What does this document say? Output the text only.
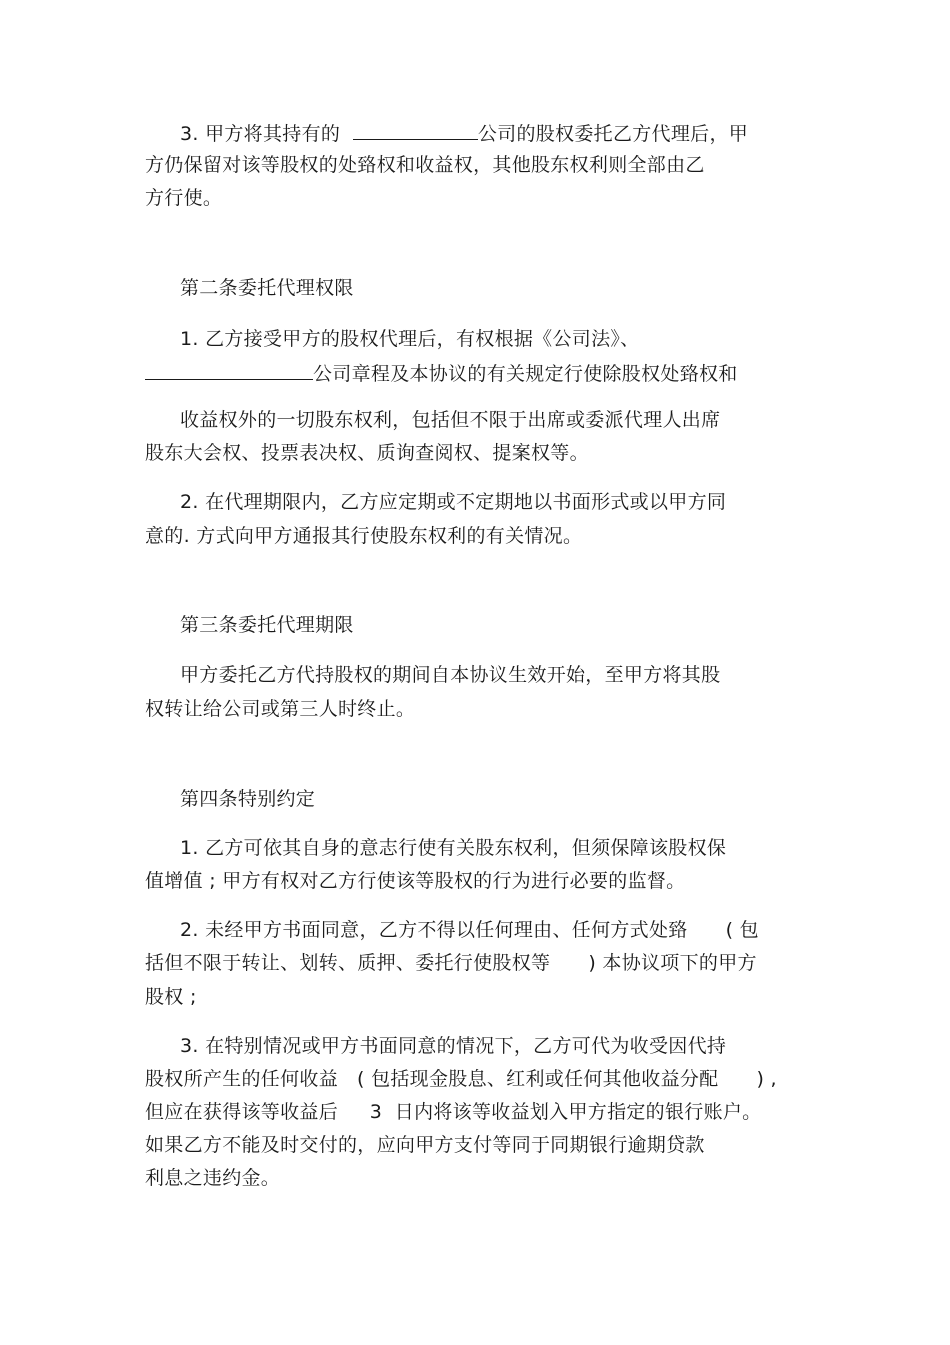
3. 甲方将其持有的	公司的股权委托乙方代理后，甲
方仍保留对该等股权的处臵权和收益权，其他股东权利则全部由乙
方行使。
第二条委托代理权限
1. 乙方接受甲方的股权代理后，有权根据《公司法》、
公司章程及本协议的有关规定行使除股权处臵权和
收益权外的一切股东权利，包括但不限于出席或委派代理人出席
股东大会权、投票表决权、质询查阅权、提案权等。
2. 在代理期限内，乙方应定期或不定期地以书面形式或以甲方同
意的. 方式向甲方通报其行使股东权利的有关情况。
第三条委托代理期限
甲方委托乙方代持股权的期间自本协议生效开始，至甲方将其股
权转让给公司或第三人时终止。
第四条特别约定
1. 乙方可依其自身的意志行使有关股东权利，但须保障该股权保
值增值 ; 甲方有权对乙方行使该等股权的行为进行必要的监督。
2. 未经甲方书面同意，乙方不得以任何理由、任何方式处臵      ( 包
括但不限于转让、划转、质押、委托行使股权等      ) 本协议项下的甲方
股权 ;
3. 在特别情况或甲方书面同意的情况下，乙方可代为收受因代持
股权所产生的任何收益   ( 包括现金股息、红利或任何其他收益分配      ) ,
但应在获得该等收益后     3  日内将该等收益划入甲方指定的银行账户。
如果乙方不能及时交付的，应向甲方支付等同于同期银行逾期贷款
利息之违约金。
